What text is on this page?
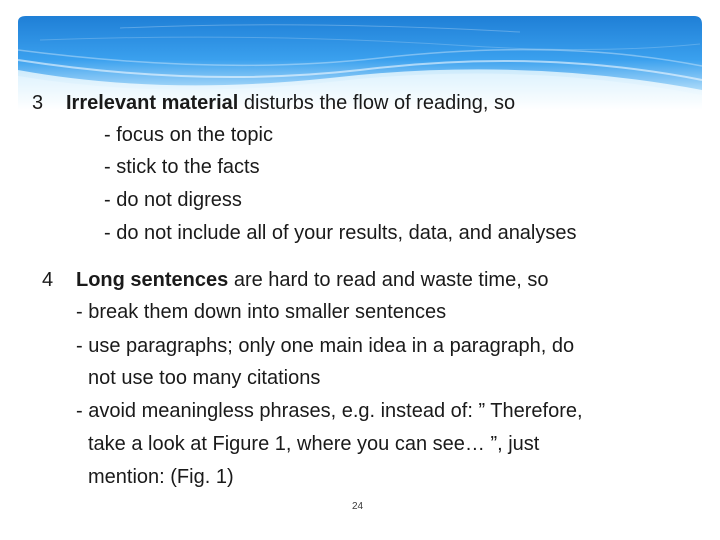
3 Irrelevant material disturbs the flow of reading, so
- focus on the topic
- stick to the facts
- do not digress
- do not include all of your results, data, and analyses
4 Long sentences are hard to read and waste time, so
- break them down into smaller sentences
- use paragraphs; only one main idea in a paragraph, do
not use too many citations
- avoid meaningless phrases, e.g. instead of: ” Therefore,
take a look at Figure 1, where you can see… ”, just
mention: (Fig. 1)
24
